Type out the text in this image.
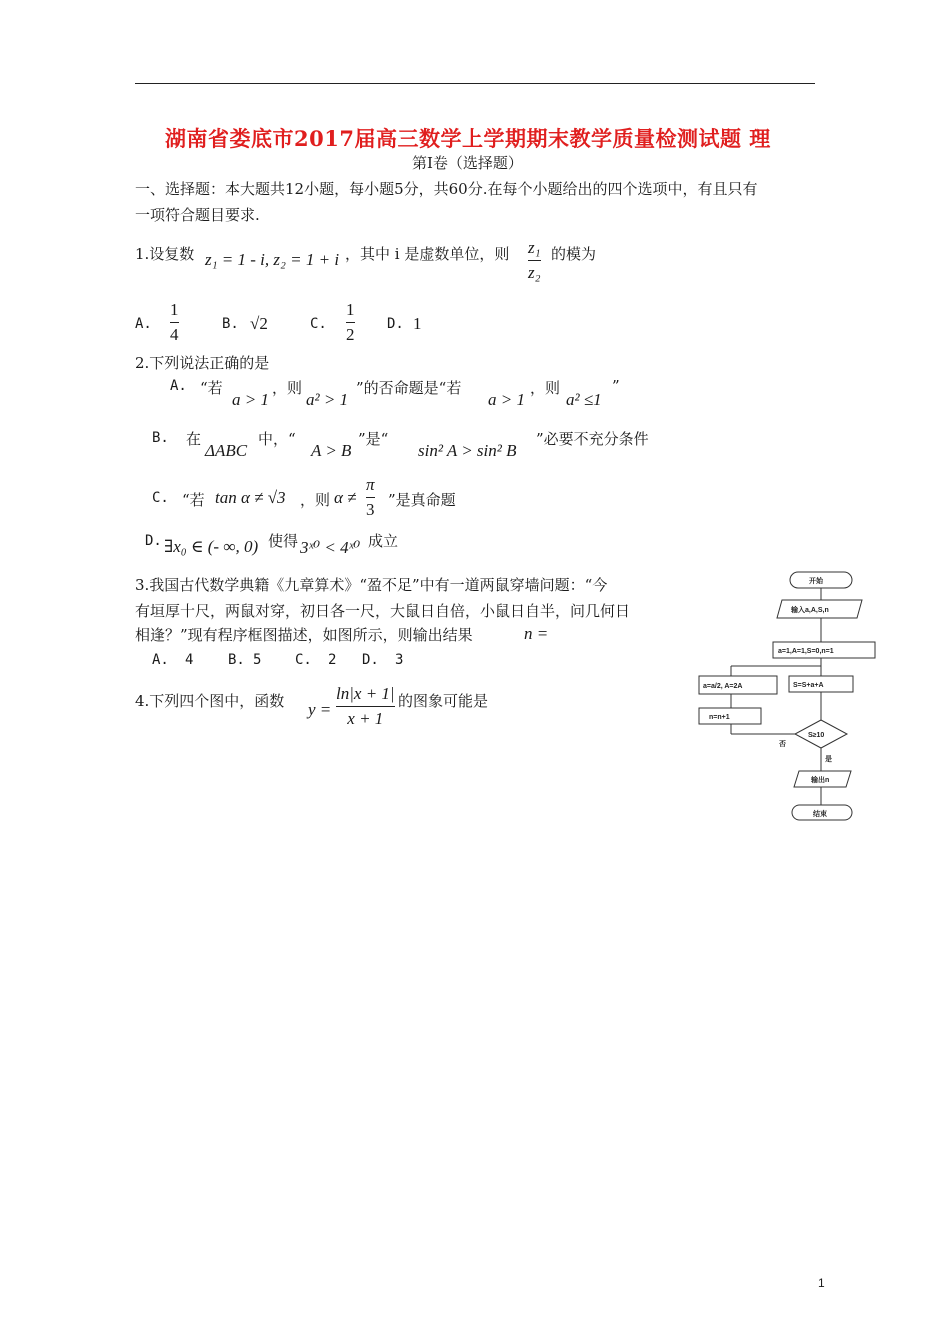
湖南省娄底市2017届高三数学上学期期末教学质量检测试题 理
第Ⅰ卷（选择题）
一、选择题：本大题共12小题，每小题5分，共60分.在每个小题给出的四个选项中，有且只有
一项符合题目要求.
1.设复数 z₁ = 1 - i, z₂ = 1 + i ，其中 i 是虚数单位，则 z₁
z₂
的模为
A.
1
4
B. √2	C.
1
2
D. 1
2.下列说法正确的是
A. “若
a > 1
，则
a² > 1
”的否命题是“若
a > 1
，则
a² ≤1
”
B. 在
ΔABC
中，“
A > B
”是“
sin² A > sin² B
”必要不充分条件
C. “若 tan α ≠ √3 ，则 α ≠
π
3 ”是真命题
D. ∃x₀ ∈ (- ∞, 0) 使得 3ˣ⁰ < 4ˣ⁰ 成立
3.我国古代数学典籍《九章算术》“盈不足”中有一道两鼠穿墙问题：“今
有垣厚十尺，两鼠对穿，初日各一尺，大鼠日自倍，小鼠日自半，问几何日
相逢？”现有程序框图描述，如图所示，则输出结果	n =
A. 4 B. 5 C. 2 D. 3
4.下列四个图中，函数 y =
ln|x + 1|
x + 1
的图象可能是
开始
输入a,A,S,n
a=1,A=1,S=0,n=1
a=a/2, A=2A	S=S+a+A
n=n+1
S≥10
否
是
输出n
结束
1
